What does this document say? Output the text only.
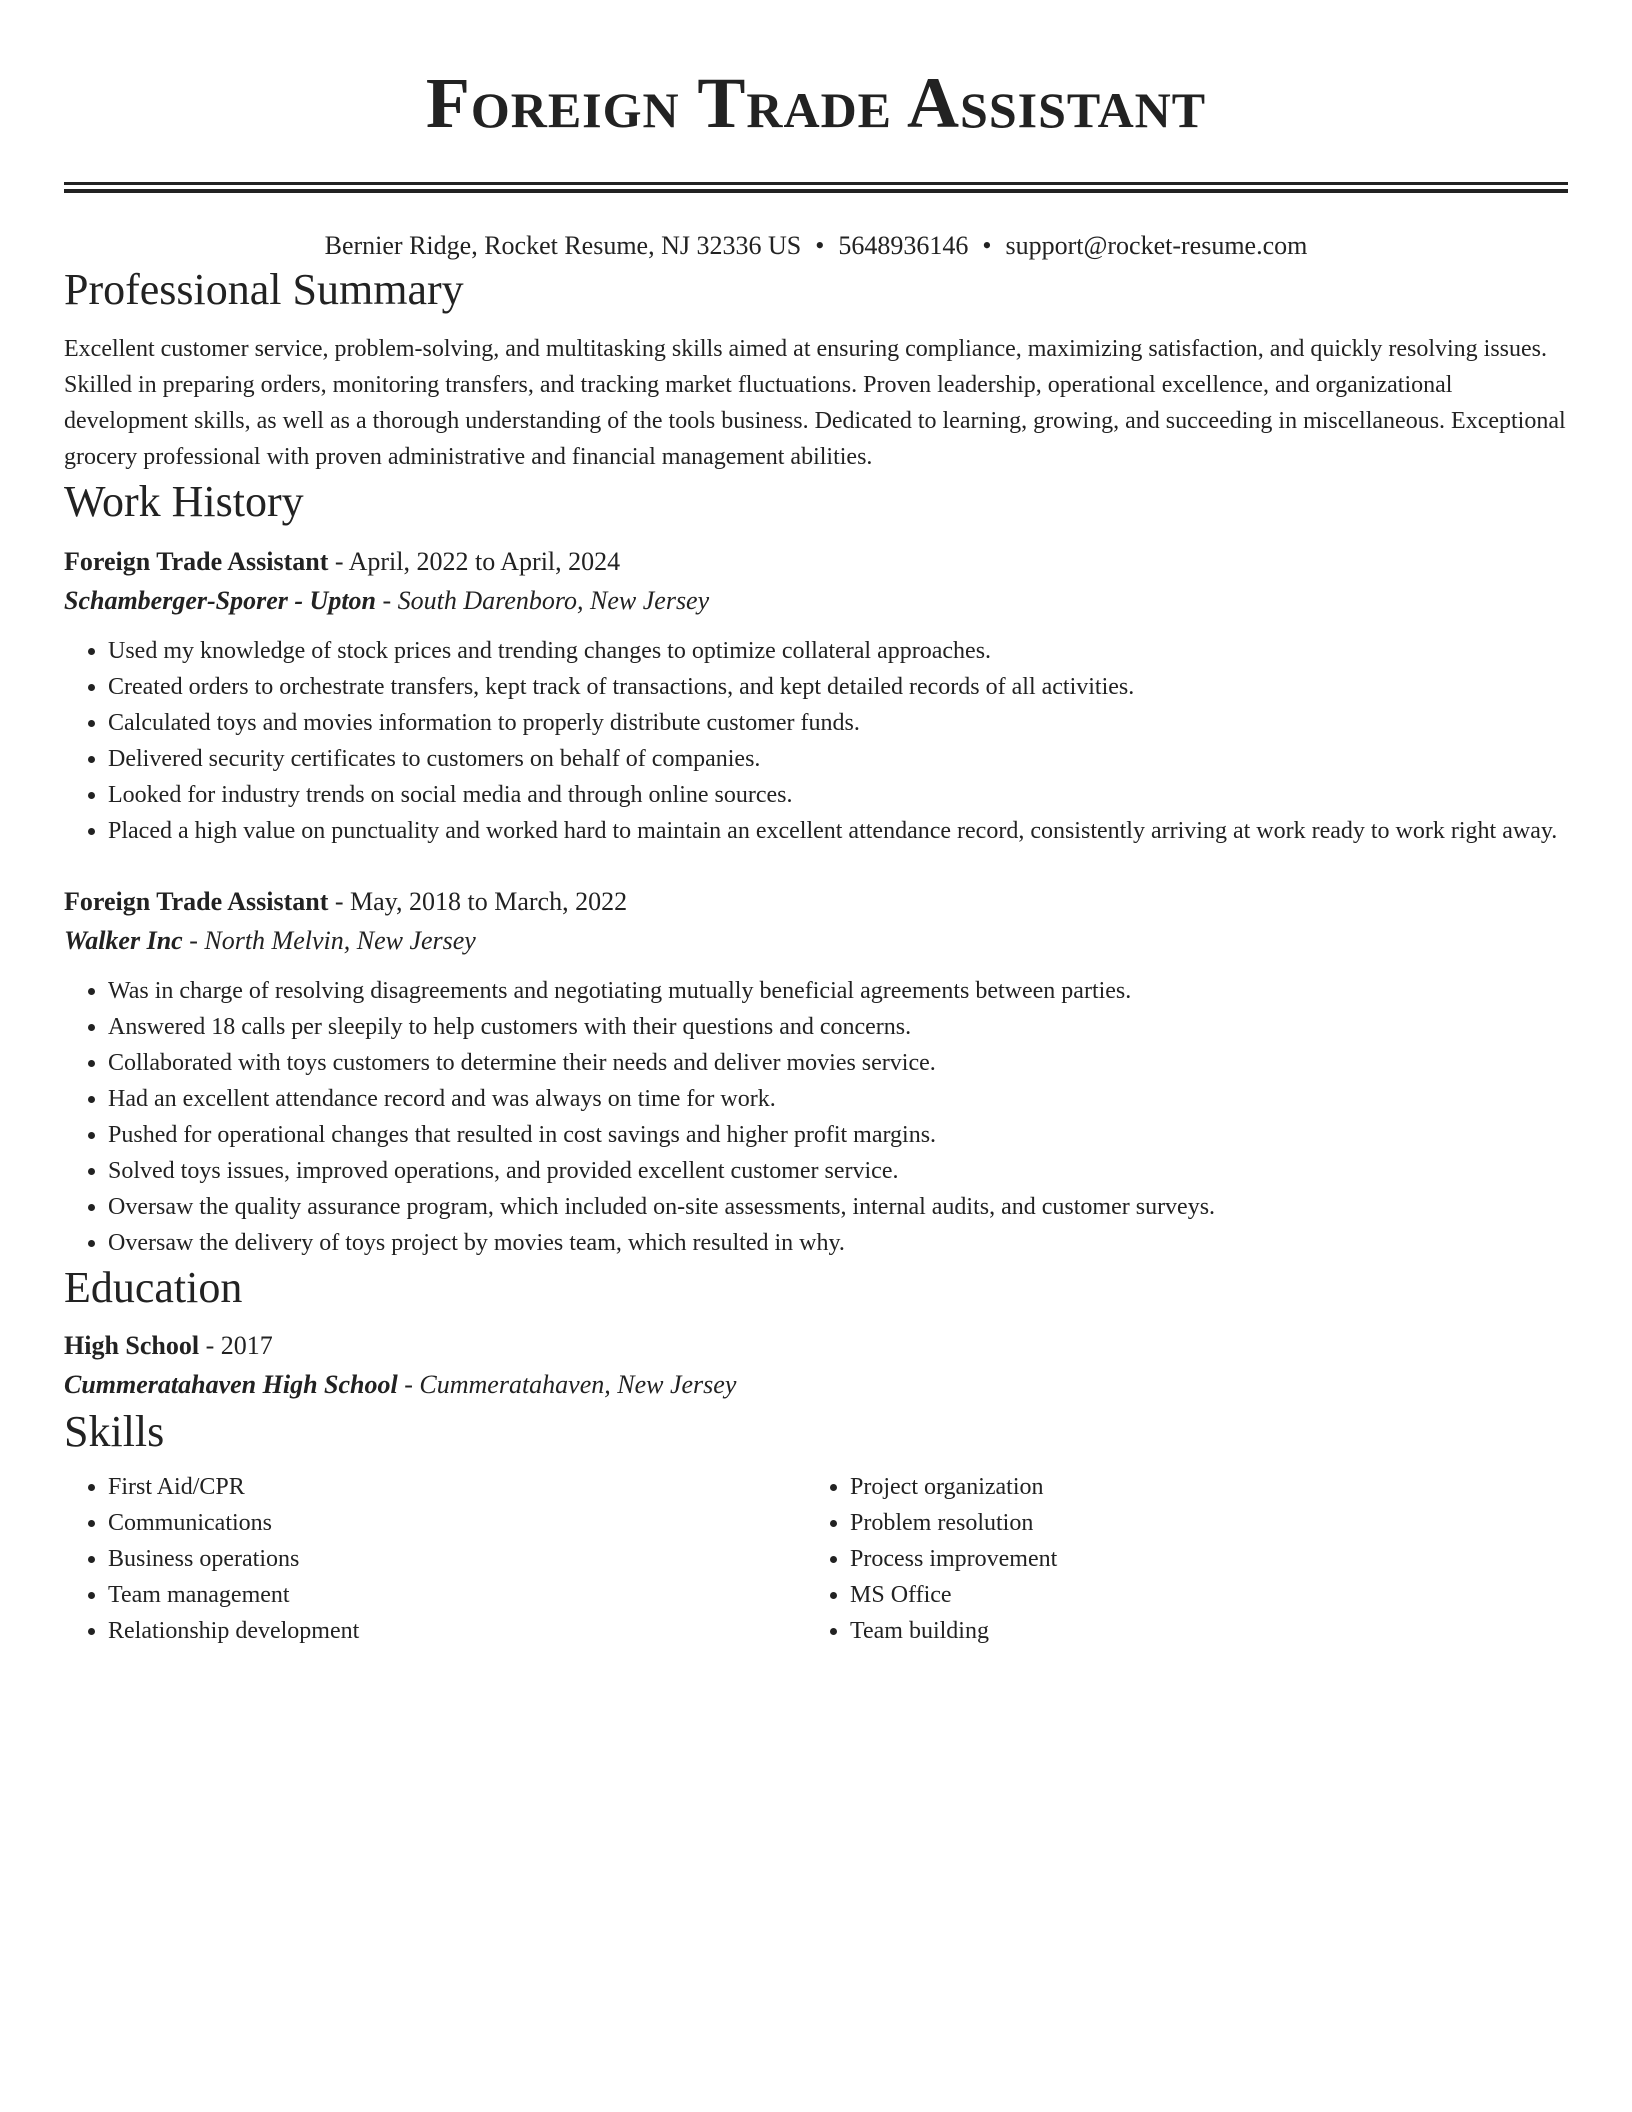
Foreign Trade Assistant
Bernier Ridge, Rocket Resume, NJ 32336 US • 5648936146 • support@rocket-resume.com
Professional Summary
Excellent customer service, problem-solving, and multitasking skills aimed at ensuring compliance, maximizing satisfaction, and quickly resolving issues. Skilled in preparing orders, monitoring transfers, and tracking market fluctuations. Proven leadership, operational excellence, and organizational development skills, as well as a thorough understanding of the tools business. Dedicated to learning, growing, and succeeding in miscellaneous. Exceptional grocery professional with proven administrative and financial management abilities.
Work History
Foreign Trade Assistant - April, 2022 to April, 2024
Schamberger-Sporer - Upton - South Darenboro, New Jersey
• Used my knowledge of stock prices and trending changes to optimize collateral approaches.
• Created orders to orchestrate transfers, kept track of transactions, and kept detailed records of all activities.
• Calculated toys and movies information to properly distribute customer funds.
• Delivered security certificates to customers on behalf of companies.
• Looked for industry trends on social media and through online sources.
• Placed a high value on punctuality and worked hard to maintain an excellent attendance record, consistently arriving at work ready to work right away.
Foreign Trade Assistant - May, 2018 to March, 2022
Walker Inc - North Melvin, New Jersey
• Was in charge of resolving disagreements and negotiating mutually beneficial agreements between parties.
• Answered 18 calls per sleepily to help customers with their questions and concerns.
• Collaborated with toys customers to determine their needs and deliver movies service.
• Had an excellent attendance record and was always on time for work.
• Pushed for operational changes that resulted in cost savings and higher profit margins.
• Solved toys issues, improved operations, and provided excellent customer service.
• Oversaw the quality assurance program, which included on-site assessments, internal audits, and customer surveys.
• Oversaw the delivery of toys project by movies team, which resulted in why.
Education
High School - 2017
Cummeratahaven High School - Cummeratahaven, New Jersey
Skills
• First Aid/CPR
• Communications
• Business operations
• Team management
• Relationship development
• Project organization
• Problem resolution
• Process improvement
• MS Office
• Team building
